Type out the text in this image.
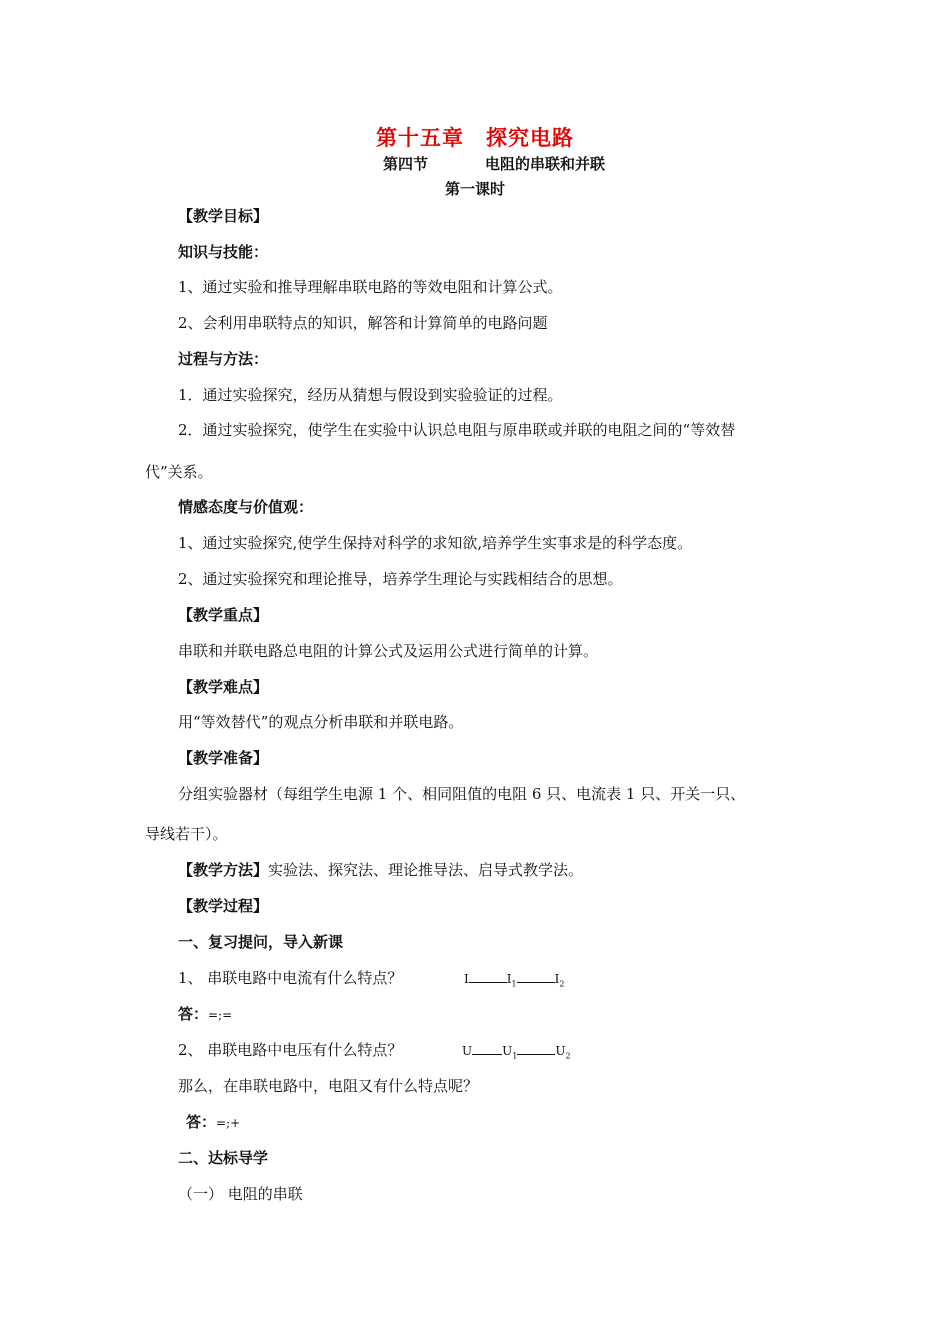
第十五章　探究电路
第四节	电阻的串联和并联
第一课时
【教学目标】
知识与技能：
1、通过实验和推导理解串联电路的等效电阻和计算公式。
2、会利用串联特点的知识，解答和计算简单的电路问题
过程与方法：
1．通过实验探究，经历从猜想与假设到实验验证的过程。
2．通过实验探究，使学生在实验中认识总电阻与原串联或并联的电阻之间的“等效替
代”关系。
情感态度与价值观：
1、通过实验探究,使学生保持对科学的求知欲,培养学生实事求是的科学态度。
2、通过实验探究和理论推导，培养学生理论与实践相结合的思想。
【教学重点】
串联和并联电路总电阻的计算公式及运用公式进行简单的计算。
【教学难点】
用“等效替代”的观点分析串联和并联电路。
【教学准备】
分组实验器材（每组学生电源 1 个、相同阻值的电阻 6 只、电流表 1 只、开关一只、
导线若干）。
【教学方法】实验法、探究法、理论推导法、启导式教学法。
【教学过程】
一、复习提问，导入新课
1、 串联电路中电流有什么特点？	I	$I_1$	$I_2$
答：=;=
2、 串联电路中电压有什么特点？	U	$U_1$	$U_2$
那么，在串联电路中，电阻又有什么特点呢？
答：=;+
二、达标导学
（一） 电阻的串联
